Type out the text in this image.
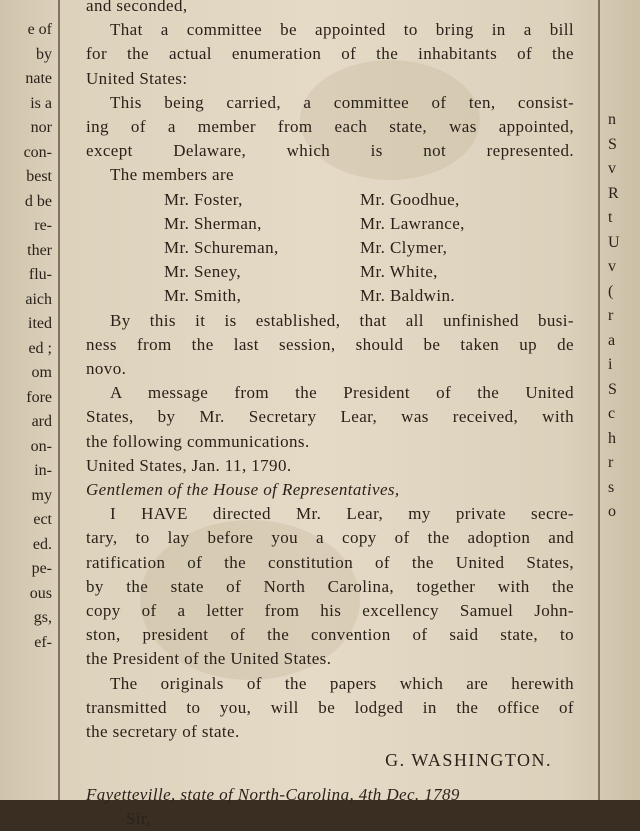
e of
by
nate
is a
nor
con-
best
d be
re-
ther
flu-
aich
ited
ed ;
om
fore
ard
on-
in-
my
ect
ed.
pe-
ous
gs,
ef-
n
S
v
R
t
U
v
(
r
a
i
S
c
h
r
s
o
and seconded,
That a committee be appointed to bring in a bill
for the actual enumeration of the inhabitants of the
United States:
This being carried, a committee of ten, consist-
ing of a member from each state, was appointed,
except Delaware, which is not represented.
The members are
Mr. Foster,	Mr. Goodhue,
Mr. Sherman,	Mr. Lawrance,
Mr. Schureman,	Mr. Clymer,
Mr. Seney,	Mr. White,
Mr. Smith,	Mr. Baldwin.
By this it is established, that all unfinished busi-
ness from the last session, should be taken up de
novo.
A message from the President of the United
States, by Mr. Secretary Lear, was received, with
the following communications.
United States, Jan. 11, 1790.
Gentlemen of the House of Representatives,
I HAVE directed Mr. Lear, my private secre-
tary, to lay before you a copy of the adoption and
ratification of the constitution of the United States,
by the state of North Carolina, together with the
copy of a letter from his excellency Samuel John-
ston, president of the convention of said state, to
the President of the United States.
The originals of the papers which are herewith
transmitted to you, will be lodged in the office of
the secretary of state.
G. WASHINGTON.
Fayetteville, state of North-Carolina, 4th Dec. 1789
Sir,
